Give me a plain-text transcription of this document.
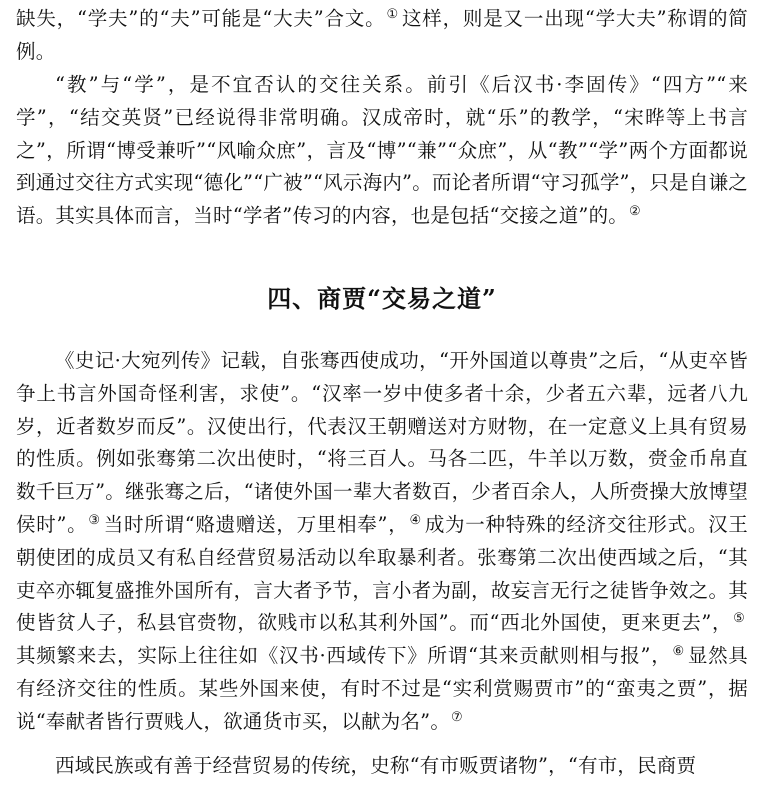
缺失，“学夫”的“夫”可能是“大夫”合文。① 这样，则是又一出现“学大夫”称谓的简例。

“教”与“学”，是不宜否认的交往关系。前引《后汉书·李固传》“四方”“来学”，“结交英贤”已经说得非常明确。汉成帝时，就“乐”的教学，“宋晔等上书言之”，所谓“博受兼听”“风喻众庶”，言及“博”“兼”“众庶”，从“教”“学”两个方面都说到通过交往方式实现“德化”“广被”“风示海内”。而论者所谓“守习孤学”，只是自谦之语。其实具体而言，当时“学者”传习的内容，也是包括“交接之道”的。②

四、商贾“交易之道”

《史记·大宛列传》记载，自张骞西使成功，“开外国道以尊贵”之后，“从吏卒皆争上书言外国奇怪利害，求使”。“汉率一岁中使多者十余，少者五六辈，远者八九岁，近者数岁而反”。汉使出行，代表汉王朝赠送对方财物，在一定意义上具有贸易的性质。例如张骞第二次出使时，“将三百人。马各二匹，牛羊以万数，赍金币帛直数千巨万”。继张骞之后，“诸使外国一辈大者数百，少者百余人，人所赍操大放博望侯时”。③ 当时所谓“赂遗赠送，万里相奉”，④ 成为一种特殊的经济交往形式。汉王朝使团的成员又有私自经营贸易活动以牟取暴利者。张骞第二次出使西域之后，“其吏卒亦辄复盛推外国所有，言大者予节，言小者为副，故妄言无行之徒皆争效之。其使皆贫人子，私县官赍物，欲贱市以私其利外国”。而“西北外国使，更来更去”，⑤其频繁来去，实际上往往如《汉书·西域传下》所谓“其来贡献则相与报”，⑥ 显然具有经济交往的性质。某些外国来使，有时不过是“实利赏赐贾市”的“蛮夷之贾”，据说“奉献者皆行贾贱人，欲通货市买，以献为名”。⑦

西域民族或有善于经营贸易的传统，史称“有市贩贾诸物”，“有市，民商贾
